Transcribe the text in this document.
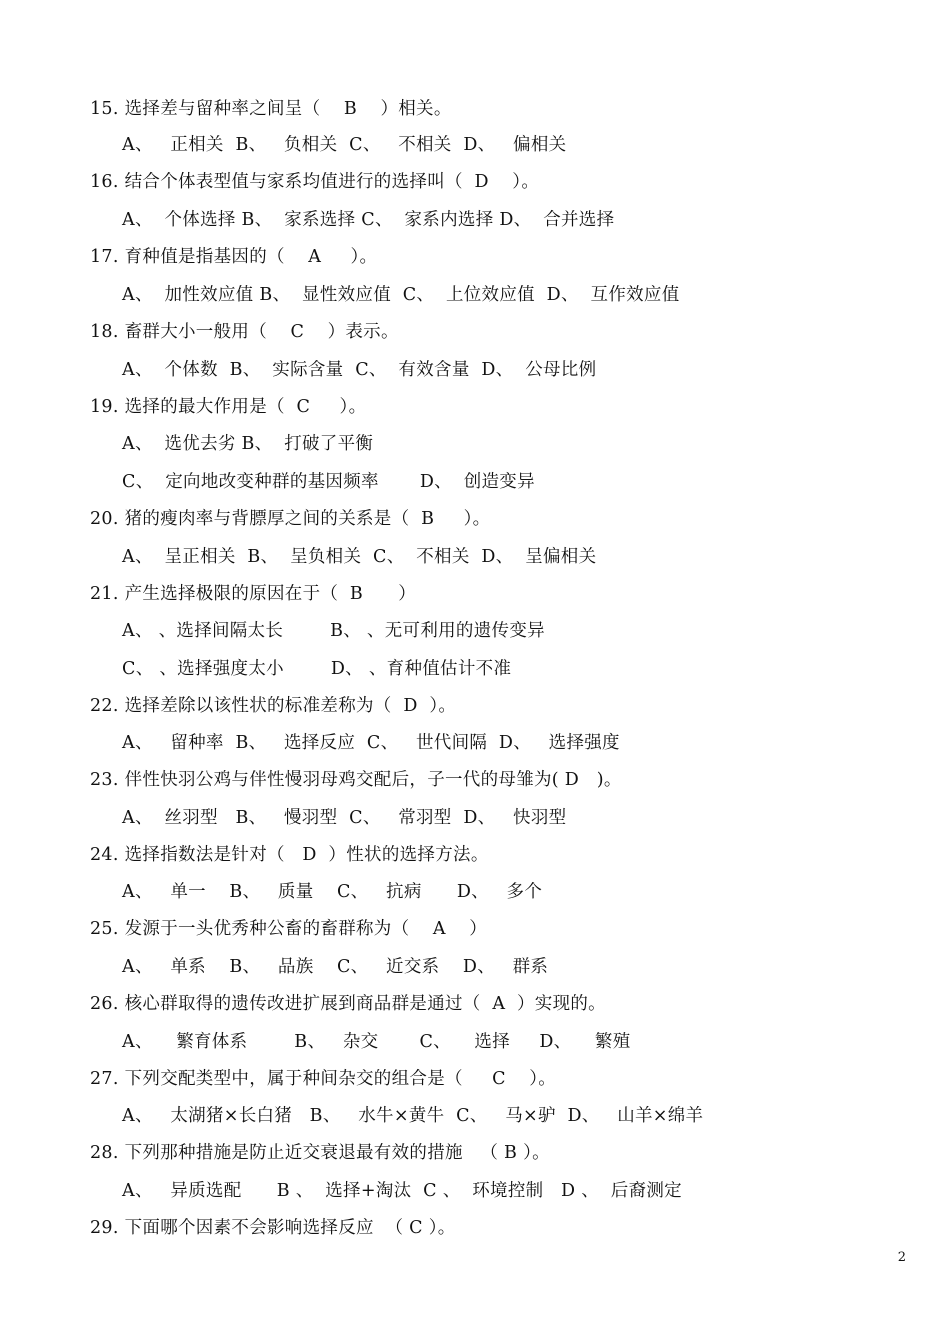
15. 选择差与留种率之间呈（    B    ）相关。
A、   正相关  B、   负相关  C、   不相关  D、   偏相关
16. 结合个体表型值与家系均值进行的选择叫（  D    ）。
A、  个体选择 B、  家系选择 C、  家系内选择 D、  合并选择
17. 育种值是指基因的（    A     ）。
A、  加性效应值 B、  显性效应值  C、  上位效应值  D、  互作效应值
18. 畜群大小一般用（    C    ）表示。
A、  个体数  B、  实际含量  C、  有效含量  D、  公母比例
19. 选择的最大作用是（  C     ）。
A、  选优去劣 B、  打破了平衡
C、  定向地改变种群的基因频率       D、  创造变异
20. 猪的瘦肉率与背膘厚之间的关系是（  B     ）。
A、  呈正相关  B、  呈负相关  C、  不相关  D、  呈偏相关
21. 产生选择极限的原因在于（  B      ）
A、 、选择间隔太长        B、 、无可利用的遗传变异
C、 、选择强度太小        D、 、育种值估计不准
22. 选择差除以该性状的标准差称为（  D  ）。
A、   留种率  B、   选择反应  C、   世代间隔  D、   选择强度
23. 伴性快羽公鸡与伴性慢羽母鸡交配后，子一代的母雏为( D   )。
A、  丝羽型   B、   慢羽型  C、   常羽型  D、   快羽型
24. 选择指数法是针对（   D  ）性状的选择方法。
A、   单一    B、   质量    C、   抗病      D、   多个
25. 发源于一头优秀种公畜的畜群称为（    A    ）
A、   单系    B、   品族    C、   近交系    D、   群系
26. 核心群取得的遗传改进扩展到商品群是通过（  A  ）实现的。
A、    繁育体系        B、   杂交       C、    选择     D、    繁殖
27. 下列交配类型中，属于种间杂交的组合是（     C    ）。
A、   太湖猪×长白猪   B、   水牛×黄牛  C、   马×驴  D、   山羊×绵羊
28. 下列那种措施是防止近交衰退最有效的措施   （ B ）。
A、   异质选配      B 、  选择+淘汰  C 、  环境控制   D 、  后裔测定
29. 下面哪个因素不会影响选择反应  （ C ）。
2
